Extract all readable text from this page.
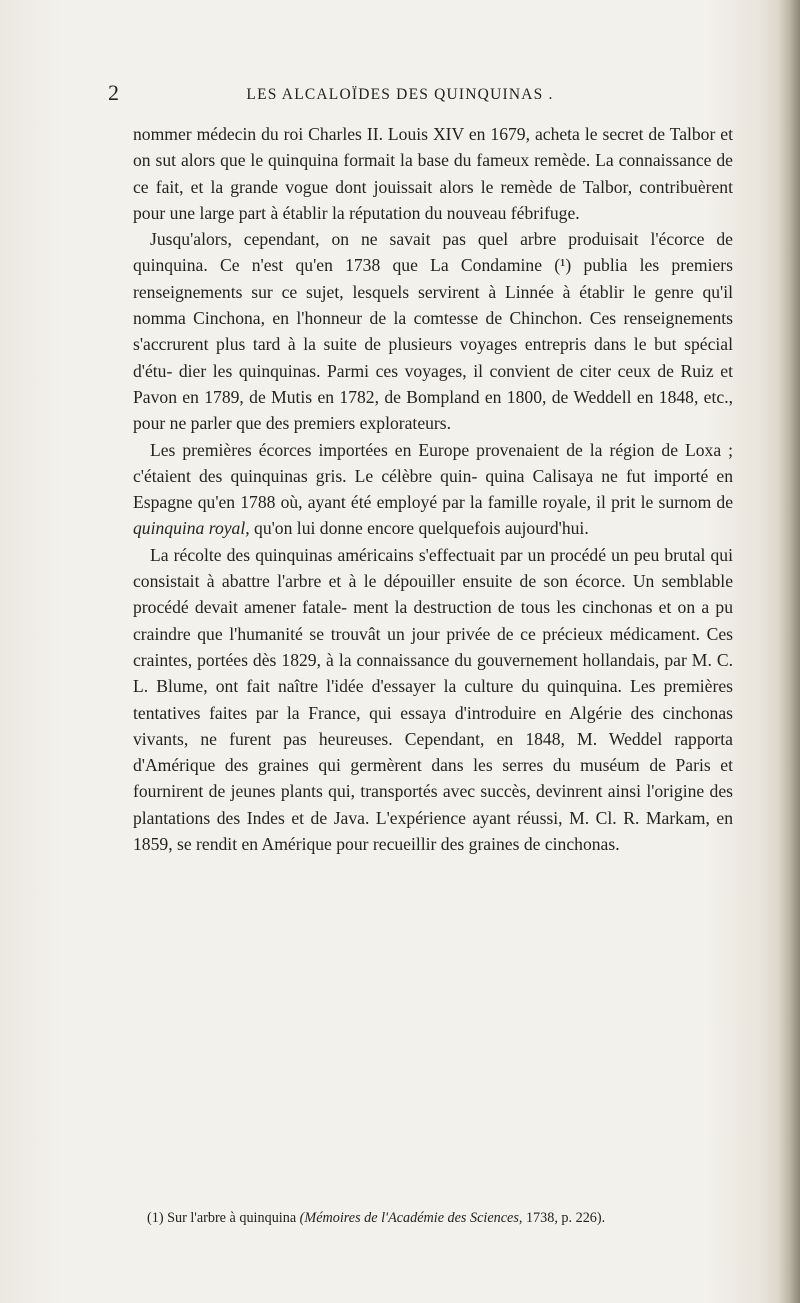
2	LES ALCALOÏDES DES QUINQUINAS .

nommer médecin du roi Charles II. Louis XIV en 1679, acheta le secret de Talbor et on sut alors que le quinquina formait la base du fameux remède. La connaissance de ce fait, et la grande vogue dont jouissait alors le remède de Talbor, contribuèrent pour une large part à établir la réputation du nouveau fébrifuge.

Jusqu'alors, cependant, on ne savait pas quel arbre produisait l'écorce de quinquina. Ce n'est qu'en 1738 que La Condamine (¹) publia les premiers renseignements sur ce sujet, lesquels servirent à Linnée à établir le genre qu'il nomma Cinchona, en l'honneur de la comtesse de Chinchon. Ces renseignements s'accrurent plus tard à la suite de plusieurs voyages entrepris dans le but spécial d'étu- dier les quinquinas. Parmi ces voyages, il convient de citer ceux de Ruiz et Pavon en 1789, de Mutis en 1782, de Bompland en 1800, de Weddell en 1848, etc., pour ne parler que des premiers explorateurs.

Les premières écorces importées en Europe provenaient de la région de Loxa ; c'étaient des quinquinas gris. Le célèbre quin- quina Calisaya ne fut importé en Espagne qu'en 1788 où, ayant été employé par la famille royale, il prit le surnom de quinquina royal, qu'on lui donne encore quelquefois aujourd'hui.

La récolte des quinquinas américains s'effectuait par un procédé un peu brutal qui consistait à abattre l'arbre et à le dépouiller ensuite de son écorce. Un semblable procédé devait amener fatale- ment la destruction de tous les cinchonas et on a pu craindre que l'humanité se trouvât un jour privée de ce précieux médicament. Ces craintes, portées dès 1829, à la connaissance du gouvernement hollandais, par M. C. L. Blume, ont fait naître l'idée d'essayer la culture du quinquina. Les premières tentatives faites par la France, qui essaya d'introduire en Algérie des cinchonas vivants, ne furent pas heureuses. Cependant, en 1848, M. Weddel rapporta d'Amérique des graines qui germèrent dans les serres du muséum de Paris et fournirent de jeunes plants qui, transportés avec succès, devinrent ainsi l'origine des plantations des Indes et de Java. L'expérience ayant réussi, M. Cl. R. Markam, en 1859, se rendit en Amérique pour recueillir des graines de cinchonas.

(1) Sur l'arbre à quinquina (Mémoires de l'Académie des Sciences, 1738, p. 226).
